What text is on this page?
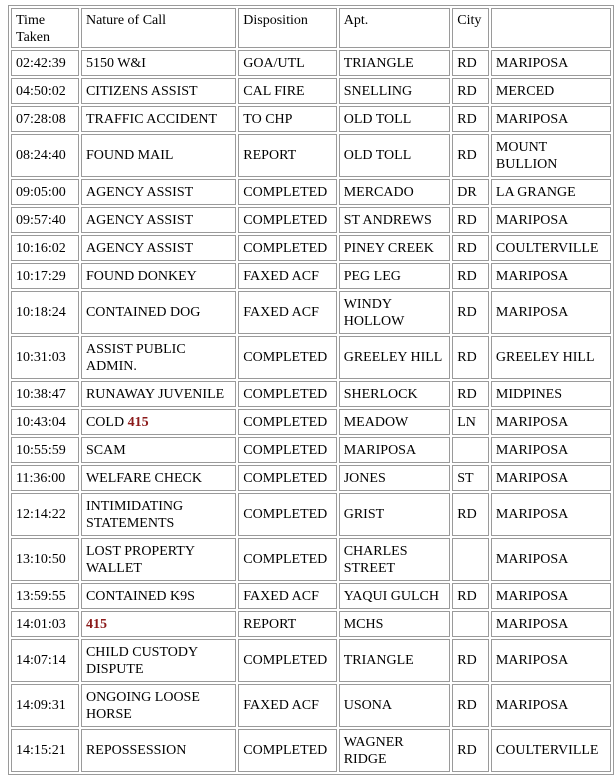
Time Taken	Nature of Call	Disposition	Apt.	City	
02:42:39	5150 W&I	GOA/UTL	TRIANGLE	RD	MARIPOSA
04:50:02	CITIZENS ASSIST	CAL FIRE	SNELLING	RD	MERCED
07:28:08	TRAFFIC ACCIDENT	TO CHP	OLD TOLL	RD	MARIPOSA
08:24:40	FOUND MAIL	REPORT	OLD TOLL	RD	MOUNT BULLION
09:05:00	AGENCY ASSIST	COMPLETED	MERCADO	DR	LA GRANGE
09:57:40	AGENCY ASSIST	COMPLETED	ST ANDREWS	RD	MARIPOSA
10:16:02	AGENCY ASSIST	COMPLETED	PINEY CREEK	RD	COULTERVILLE
10:17:29	FOUND DONKEY	FAXED ACF	PEG LEG	RD	MARIPOSA
10:18:24	CONTAINED DOG	FAXED ACF	WINDY HOLLOW	RD	MARIPOSA
10:31:03	ASSIST PUBLIC ADMIN.	COMPLETED	GREELEY HILL	RD	GREELEY HILL
10:38:47	RUNAWAY JUVENILE	COMPLETED	SHERLOCK	RD	MIDPINES
10:43:04	COLD 415	COMPLETED	MEADOW	LN	MARIPOSA
10:55:59	SCAM	COMPLETED	MARIPOSA		MARIPOSA
11:36:00	WELFARE CHECK	COMPLETED	JONES	ST	MARIPOSA
12:14:22	INTIMIDATING STATEMENTS	COMPLETED	GRIST	RD	MARIPOSA
13:10:50	LOST PROPERTY WALLET	COMPLETED	CHARLES STREET		MARIPOSA
13:59:55	CONTAINED K9S	FAXED ACF	YAQUI GULCH	RD	MARIPOSA
14:01:03	415	REPORT	MCHS		MARIPOSA
14:07:14	CHILD CUSTODY DISPUTE	COMPLETED	TRIANGLE	RD	MARIPOSA
14:09:31	ONGOING LOOSE HORSE	FAXED ACF	USONA	RD	MARIPOSA
14:15:21	REPOSSESSION	COMPLETED	WAGNER RIDGE	RD	COULTERVILLE
